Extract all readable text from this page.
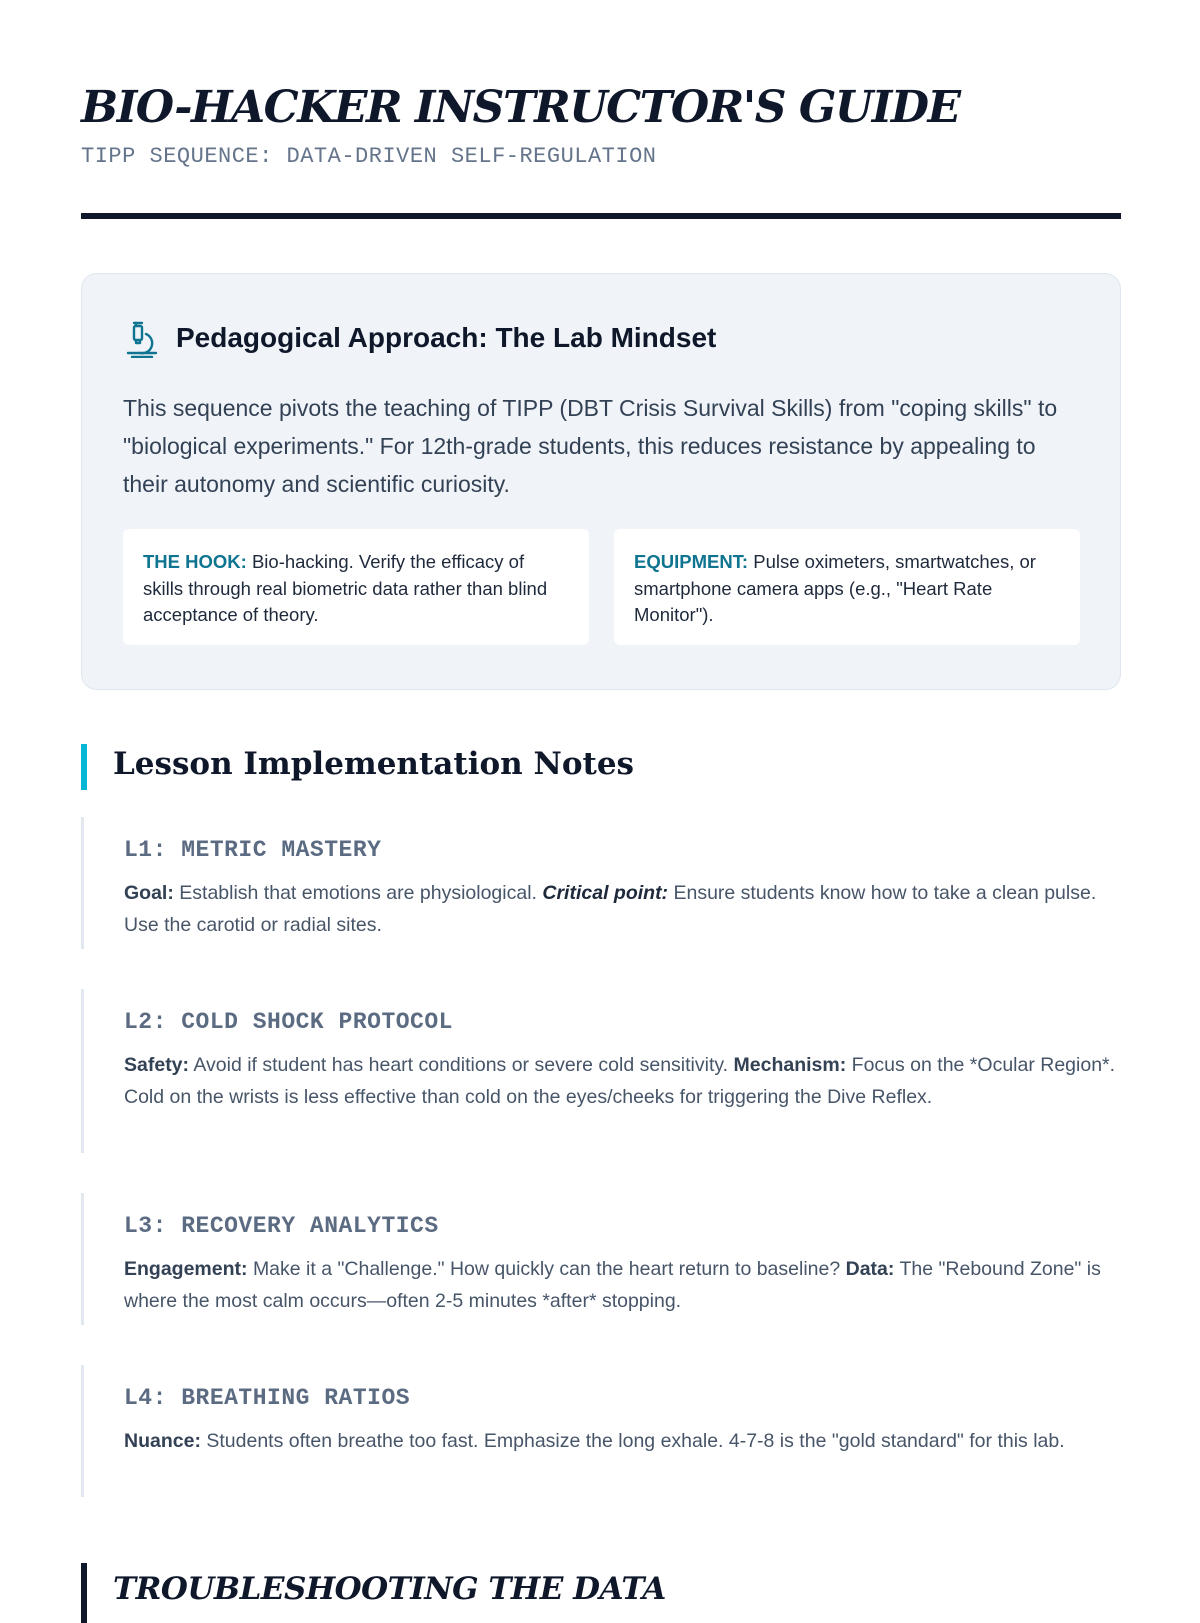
BIO-HACKER INSTRUCTOR'S GUIDE
TIPP SEQUENCE: DATA-DRIVEN SELF-REGULATION
Pedagogical Approach: The Lab Mindset
This sequence pivots the teaching of TIPP (DBT Crisis Survival Skills) from "coping skills" to "biological experiments." For 12th-grade students, this reduces resistance by appealing to their autonomy and scientific curiosity.
THE HOOK: Bio-hacking. Verify the efficacy of skills through real biometric data rather than blind acceptance of theory.
EQUIPMENT: Pulse oximeters, smartwatches, or smartphone camera apps (e.g., "Heart Rate Monitor").
Lesson Implementation Notes
L1: METRIC MASTERY
Goal: Establish that emotions are physiological. Critical point: Ensure students know how to take a clean pulse. Use the carotid or radial sites.
L2: COLD SHOCK PROTOCOL
Safety: Avoid if student has heart conditions or severe cold sensitivity. Mechanism: Focus on the *Ocular Region*. Cold on the wrists is less effective than cold on the eyes/cheeks for triggering the Dive Reflex.
L3: RECOVERY ANALYTICS
Engagement: Make it a "Challenge." How quickly can the heart return to baseline? Data: The "Rebound Zone" is where the most calm occurs—often 2-5 minutes *after* stopping.
L4: BREATHING RATIOS
Nuance: Students often breathe too fast. Emphasize the long exhale. 4-7-8 is the "gold standard" for this lab.
TROUBLESHOOTING THE DATA
